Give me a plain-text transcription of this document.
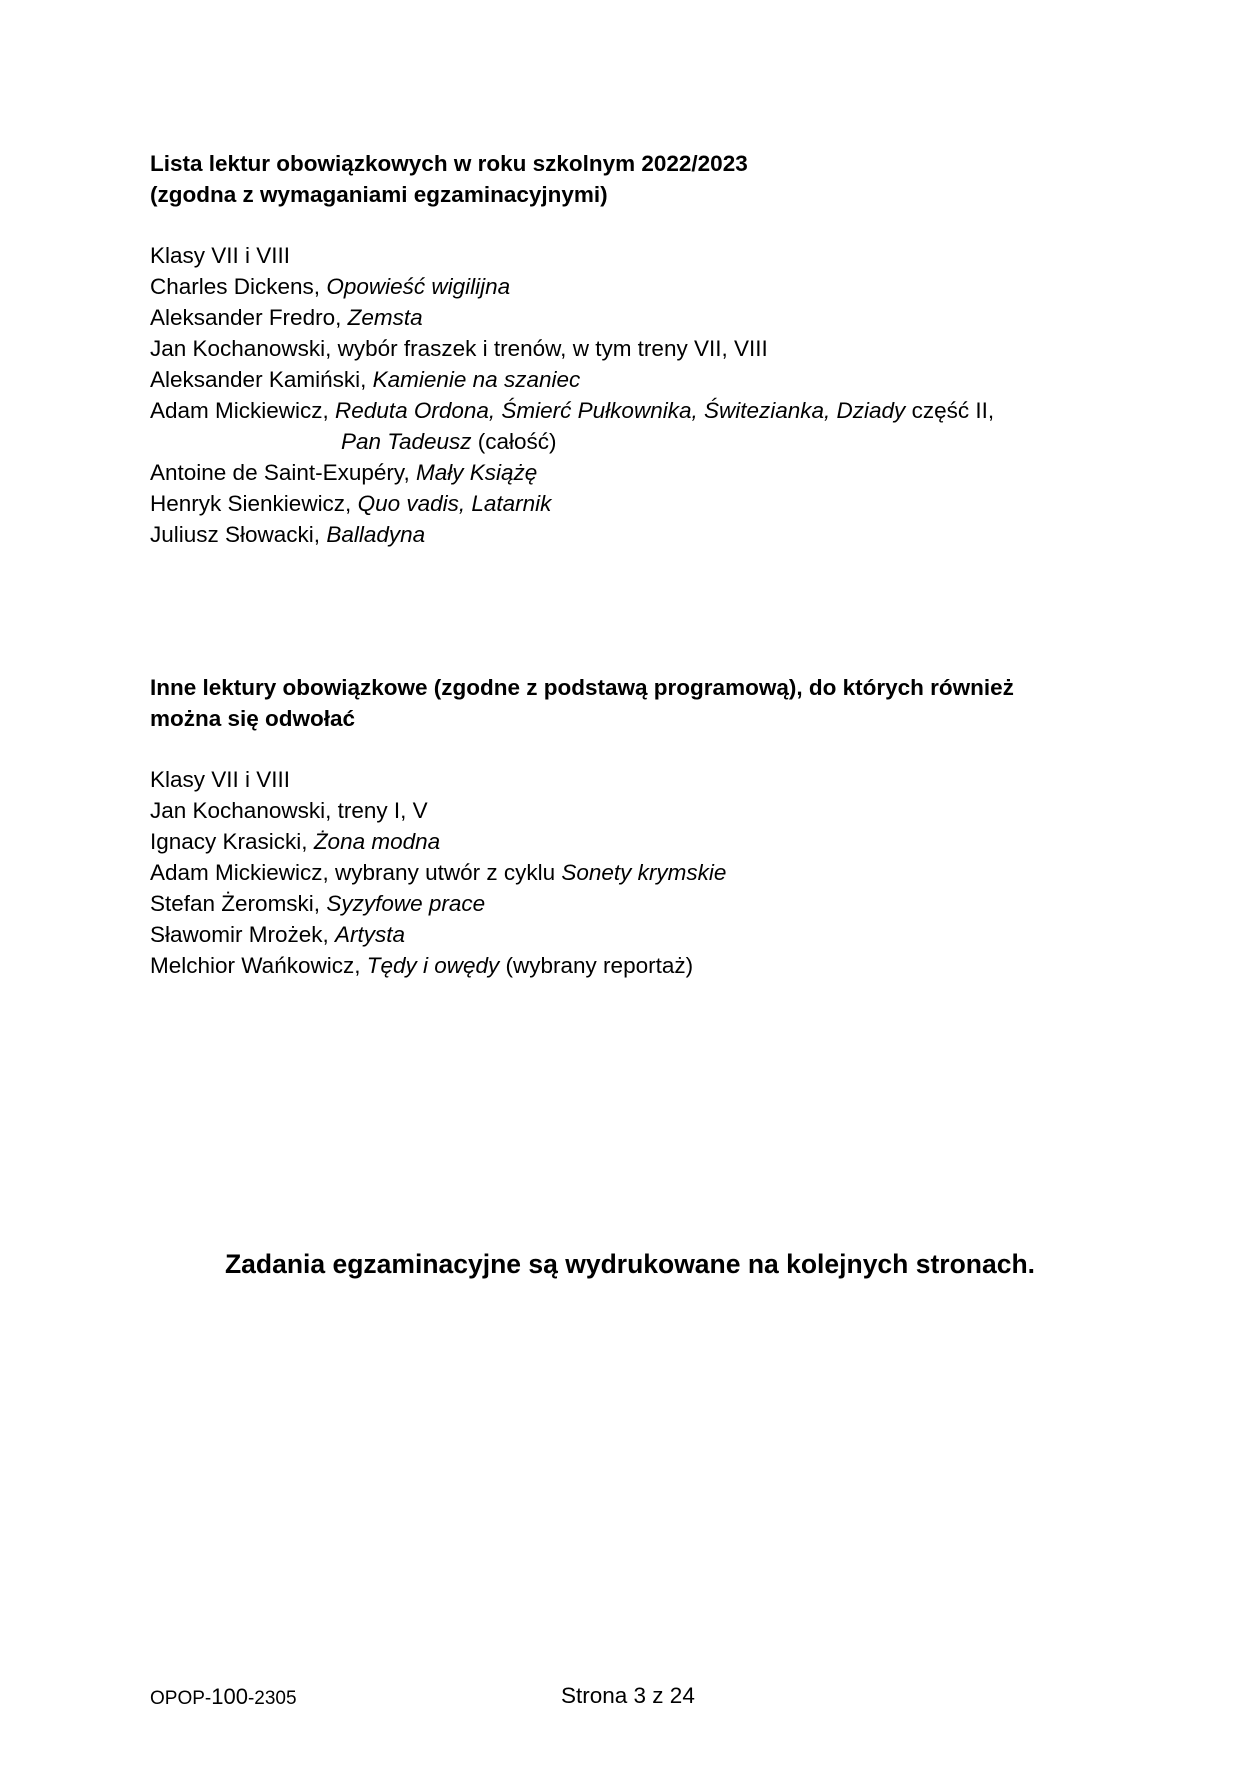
Lista lektur obowiązkowych w roku szkolnym 2022/2023
(zgodna z wymaganiami egzaminacyjnymi)
Klasy VII i VIII
Charles Dickens, Opowieść wigilijna
Aleksander Fredro, Zemsta
Jan Kochanowski, wybór fraszek i trenów, w tym treny VII, VIII
Aleksander Kamiński, Kamienie na szaniec
Adam Mickiewicz, Reduta Ordona, Śmierć Pułkownika, Świtezianka, Dziady część II,
Pan Tadeusz (całość)
Antoine de Saint-Exupéry, Mały Książę
Henryk Sienkiewicz, Quo vadis, Latarnik
Juliusz Słowacki, Balladyna
Inne lektury obowiązkowe (zgodne z podstawą programową), do których również
można się odwołać
Klasy VII i VIII
Jan Kochanowski, treny I, V
Ignacy Krasicki, Żona modna
Adam Mickiewicz, wybrany utwór z cyklu Sonety krymskie
Stefan Żeromski, Syzyfowe prace
Sławomir Mrożek, Artysta
Melchior Wańkowicz, Tędy i owędy (wybrany reportaż)
Zadania egzaminacyjne są wydrukowane na kolejnych stronach.
OPOP-100-2305	Strona 3 z 24
